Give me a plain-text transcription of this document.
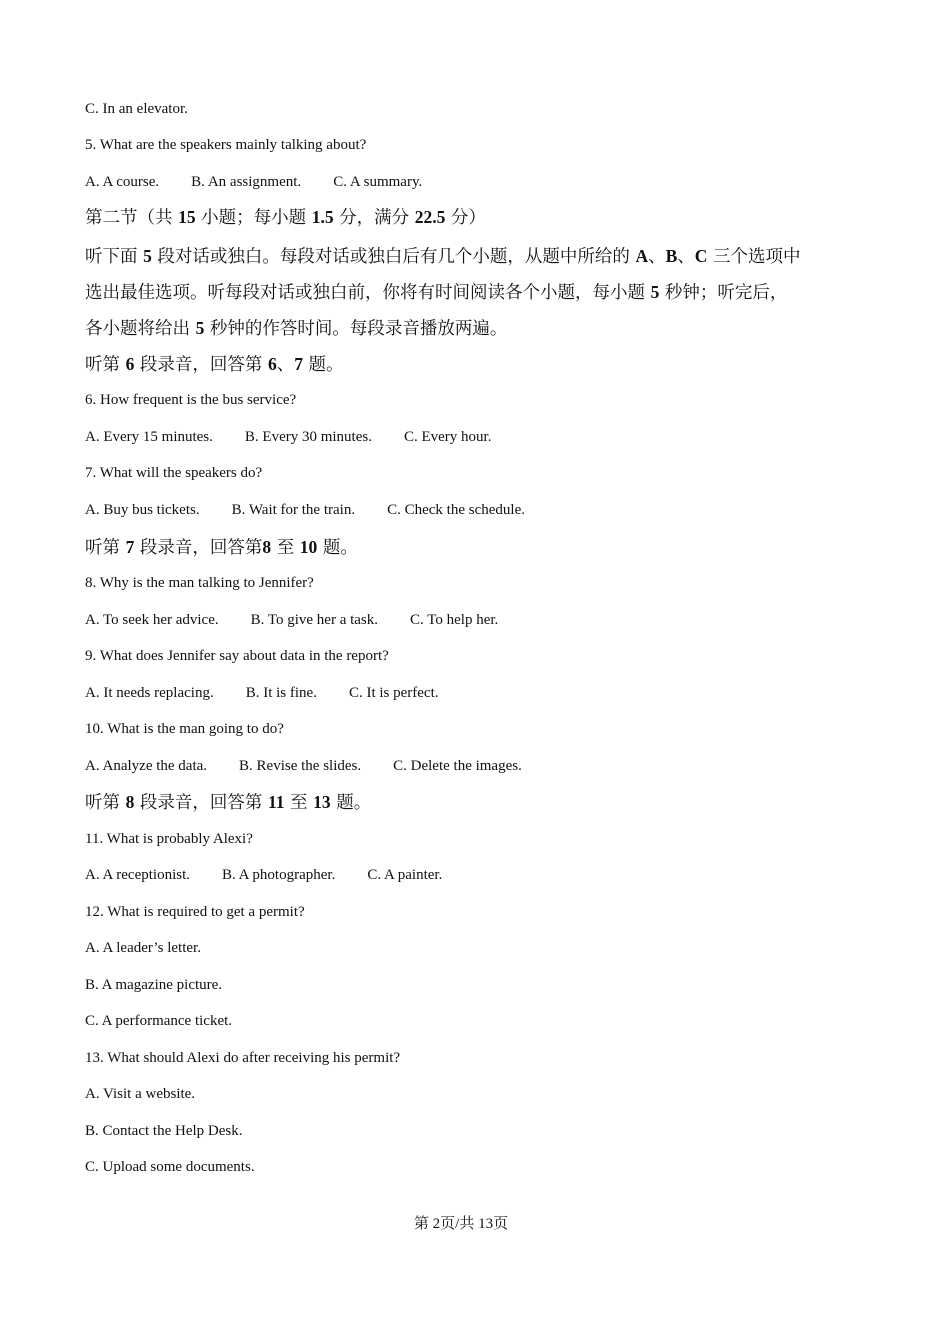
C. In an elevator.
5. What are the speakers mainly talking about?
A. A course. B. An assignment. C. A summary.
第二节（共 15 小题；每小题 1.5 分，满分 22.5 分）
听下面 5 段对话或独白。每段对话或独白后有几个小题，从题中所给的 A、B、C 三个选项中
选出最佳选项。听每段对话或独白前，你将有时间阅读各个小题，每小题 5 秒钟；听完后，
各小题将给出 5 秒钟的作答时间。每段录音播放两遍。
听第 6 段录音，回答第 6、7 题。
6. How frequent is the bus service?
A. Every 15 minutes. B. Every 30 minutes. C. Every hour.
7. What will the speakers do?
A. Buy bus tickets. B. Wait for the train. C. Check the schedule.
听第 7 段录音，回答第8 至 10 题。
8. Why is the man talking to Jennifer?
A. To seek her advice. B. To give her a task. C. To help her.
9. What does Jennifer say about data in the report?
A. It needs replacing. B. It is fine. C. It is perfect.
10. What is the man going to do?
A. Analyze the data. B. Revise the slides. C. Delete the images.
听第 8 段录音，回答第 11 至 13 题。
11. What is probably Alexi?
A. A receptionist. B. A photographer. C. A painter.
12. What is required to get a permit?
A. A leader’s letter.
B. A magazine picture.
C. A performance ticket.
13. What should Alexi do after receiving his permit?
A. Visit a website.
B. Contact the Help Desk.
C. Upload some documents.
第 2页/共 13页
